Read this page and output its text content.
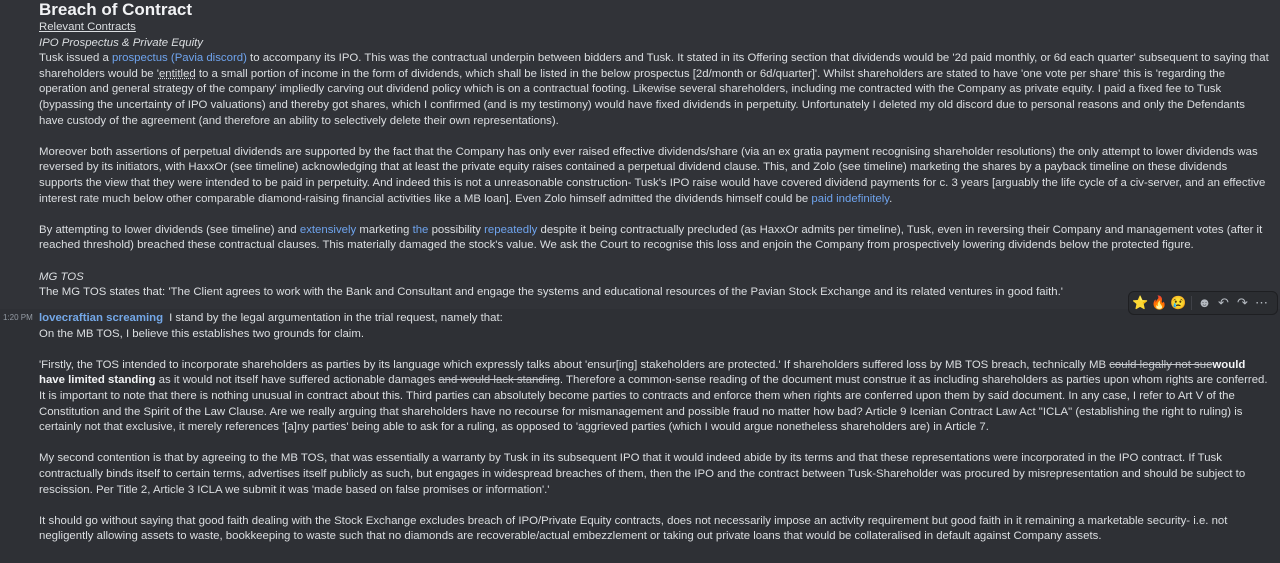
Breach of Contract

Relevant Contracts

IPO Prospectus & Private Equity

Tusk issued a prospectus (Pavia discord) to accompany its IPO. This was the contractual underpin between bidders and Tusk. It stated in its Offering section that dividends would be '2d paid monthly, or 6d each quarter' subsequent to saying that shareholders would be 'entitled to a small portion of income in the form of dividends, which shall be listed in the below prospectus [2d/month or 6d/quarter]'. Whilst shareholders are stated to have 'one vote per share' this is 'regarding the operation and general strategy of the company' impliedly carving out dividend policy which is on a contractual footing. Likewise several shareholders, including me contracted with the Company as private equity. I paid a fixed fee to Tusk (bypassing the uncertainty of IPO valuations) and thereby got shares, which I confirmed (and is my testimony) would have fixed dividends in perpetuity. Unfortunately I deleted my old discord due to personal reasons and only the Defendants have custody of the agreement (and therefore an ability to selectively delete their own representations).

Moreover both assertions of perpetual dividends are supported by the fact that the Company has only ever raised effective dividends/share (via an ex gratia payment recognising shareholder resolutions) the only attempt to lower dividends was reversed by its initiators, with HaxxOr (see timeline) acknowledging that at least the private equity raises contained a perpetual dividend clause. This, and Zolo (see timeline) marketing the shares by a payback timeline on these dividends supports the view that they were intended to be paid in perpetuity. And indeed this is not a unreasonable construction- Tusk's IPO raise would have covered dividend payments for c. 3 years [arguably the life cycle of a civ-server, and an effective interest rate much below other comparable diamond-raising financial activities like a MB loan]. Even Zolo himself admitted the dividends himself could be paid indefinitely.

By attempting to lower dividends (see timeline) and extensively marketing the possibility repeatedly despite it being contractually precluded (as HaxxOr admits per timeline), Tusk, even in reversing their Company and management votes (after it reached threshold) breached these contractual clauses. This materially damaged the stock's value. We ask the Court to recognise this loss and enjoin the Company from prospectively lowering dividends below the protected figure.

MG TOS

The MG TOS states that: 'The Client agrees to work with the Bank and Consultant and engage the systems and educational resources of the Pavian Stock Exchange and its related ventures in good faith.'

1:20 PM lovecraftian screaming I stand by the legal argumentation in the trial request, namely that:

On the MB TOS, I believe this establishes two grounds for claim.

'Firstly, the TOS intended to incorporate shareholders as parties by its language which expressly talks about 'ensur[ing] stakeholders are protected.' If shareholders suffered loss by MB TOS breach, technically MB could legally not suewould have limited standing as it would not itself have suffered actionable damages and would lack standing. Therefore a common-sense reading of the document must construe it as including shareholders as parties upon whom rights are conferred. It is important to note that there is nothing unusual in contract about this. Third parties can absolutely become parties to contracts and enforce them when rights are conferred upon them by said document. In any case, I refer to Art V of the Constitution and the Spirit of the Law Clause. Are we really arguing that shareholders have no recourse for mismanagement and possible fraud no matter how bad? Article 9 Icenian Contract Law Act "ICLA" (establishing the right to ruling) is certainly not that exclusive, it merely references '[a]ny parties' being able to ask for a ruling, as opposed to 'aggrieved parties (which I would argue nonetheless shareholders are) in Article 7.

My second contention is that by agreeing to the MB TOS, that was essentially a warranty by Tusk in its subsequent IPO that it would indeed abide by its terms and that these representations were incorporated in the IPO contract. If Tusk contractually binds itself to certain terms, advertises itself publicly as such, but engages in widespread breaches of them, then the IPO and the contract between Tusk-Shareholder was procured by misrepresentation and should be subject to rescission. Per Title 2, Article 3 ICLA we submit it was 'made based on false promises or information'.'

It should go without saying that good faith dealing with the Stock Exchange excludes breach of IPO/Private Equity contracts, does not necessarily impose an activity requirement but good faith in it remaining a marketable security- i.e. not negligently allowing assets to waste, bookkeeping to waste such that no diamonds are recoverable/actual embezzlement or taking out private loans that would be collateralised in default against Company assets.

⭐ 🔥 😢 ☻ ↶ ↷ ⋯
